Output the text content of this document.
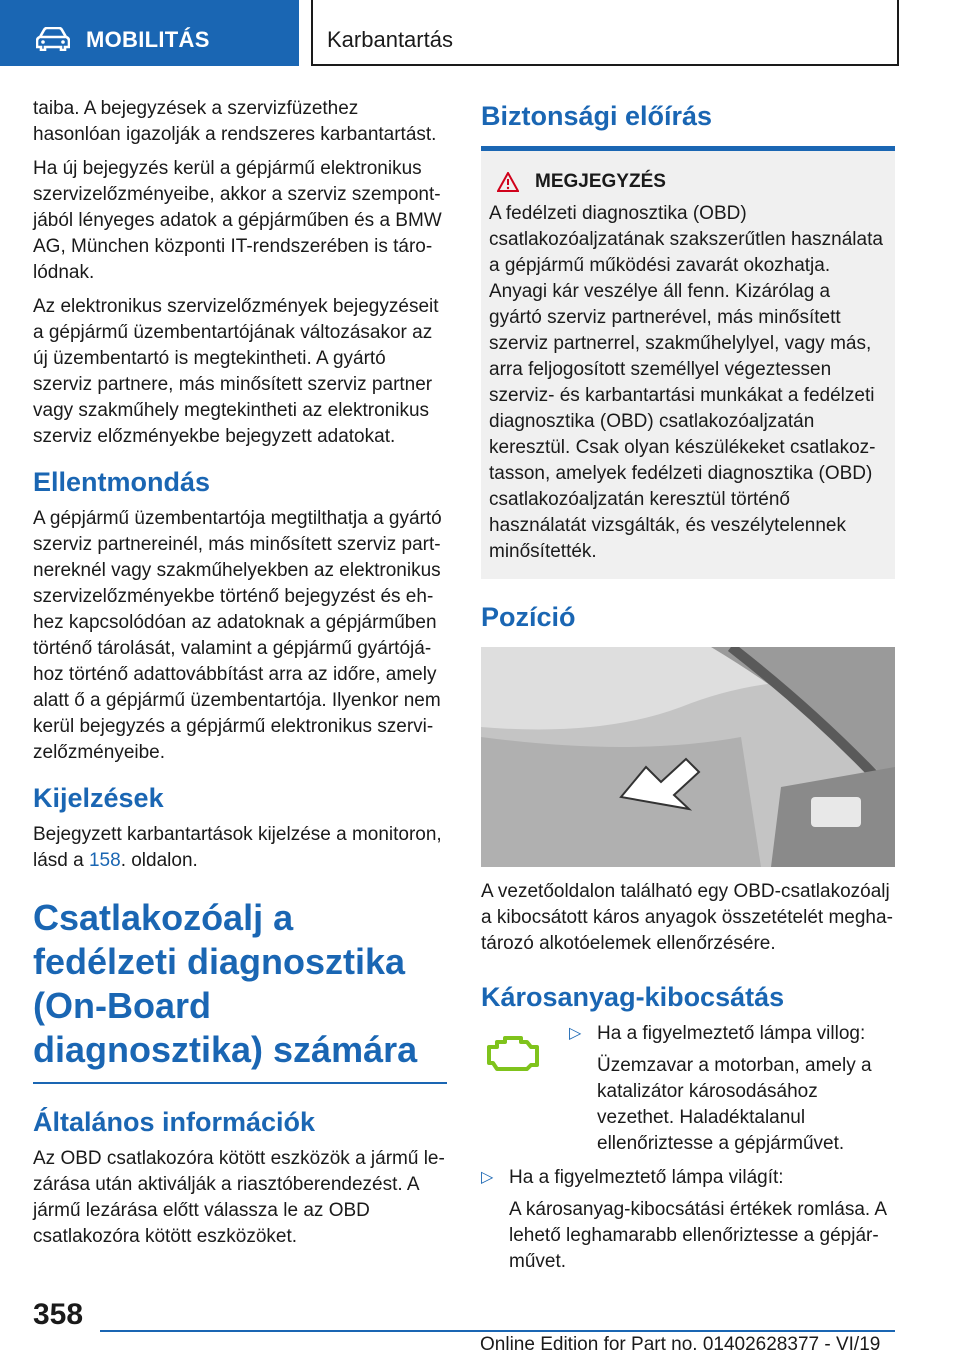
MOBILITÁS	Karbantartás

taiba. A bejegyzések a szervizfüzethez hasonlóan igazolják a rendszeres karbantartást.

Ha új bejegyzés kerül a gépjármű elektronikus szervizelőzményeibe, akkor a szerviz szempontjából lényeges adatok a gépjárműben és a BMW AG, München központi IT-rendszerében is tárolódnak.

Az elektronikus szervizelőzmények bejegyzéseit a gépjármű üzembentartójának változásakor az új üzembentartó is megtekintheti. A gyártó szerviz partnere, más minősített szerviz partner vagy szakműhely megtekintheti az elektronikus szerviz előzményekbe bejegyzett adatokat.

Ellentmondás

A gépjármű üzembentartója megtilthatja a gyártó szerviz partnereinél, más minősített szerviz partnereknél vagy szakműhelyekben az elektronikus szervizelőzményekbe történő bejegyzést és ehhez kapcsolódóan az adatoknak a gépjárműben történő tárolását, valamint a gépjármű gyártójához történő adattovábbítást arra az időre, amely alatt ő a gépjármű üzembentartója. Ilyenkor nem kerül bejegyzés a gépjármű elektronikus szervizelőzményeibe.

Kijelzések

Bejegyzett karbantartások kijelzése a monitoron, lásd a 158. oldalon.

Csatlakozóalj a fedélzeti diagnosztika (On-Board diagnosztika) számára
Általános információk

Az OBD csatlakozóra kötött eszközök a jármű lezárása után aktiválják a riasztóberendezést. A jármű lezárása előtt válassza le az OBD csatlakozóra kötött eszközöket.

Biztonsági előírás
MEGJEGYZÉS

A fedélzeti diagnosztika (OBD) csatlakozóaljzatának szakszerűtlen használata a gépjármű működési zavarát okozhatja. Anyagi kár veszélye áll fenn. Kizárólag a gyártó szerviz partnerével, más minősített szerviz partnerrel, szakműhelylyel, vagy más, arra feljogosított személlyel végeztessen szerviz- és karbantartási munkákat a fedélzeti diagnosztika (OBD) csatlakozóaljzatán keresztül. Csak olyan készülékeket csatlakoztasson, amelyek fedélzeti diagnosztika (OBD) csatlakozóaljzatán keresztül történő használatát vizsgálták, és veszélytelennek minősítették.

Pozíció

A vezetőoldalon található egy OBD-csatlakozóalj a kibocsátott káros anyagok összetételét meghatározó alkotóelemek ellenőrzésére.

Károsanyag-kibocsátás
▷ Ha a figyelmeztető lámpa villog:

Üzemzavar a motorban, amely a katalizátor károsodásához vezethet. Haladéktalanul ellenőriztesse a gépjárművet.

▷ Ha a figyelmeztető lámpa világít:

A károsanyag-kibocsátási értékek romlása. A lehető leghamarabb ellenőriztesse a gépjárművet.

358
Online Edition for Part no. 01402628377 - VI/19
